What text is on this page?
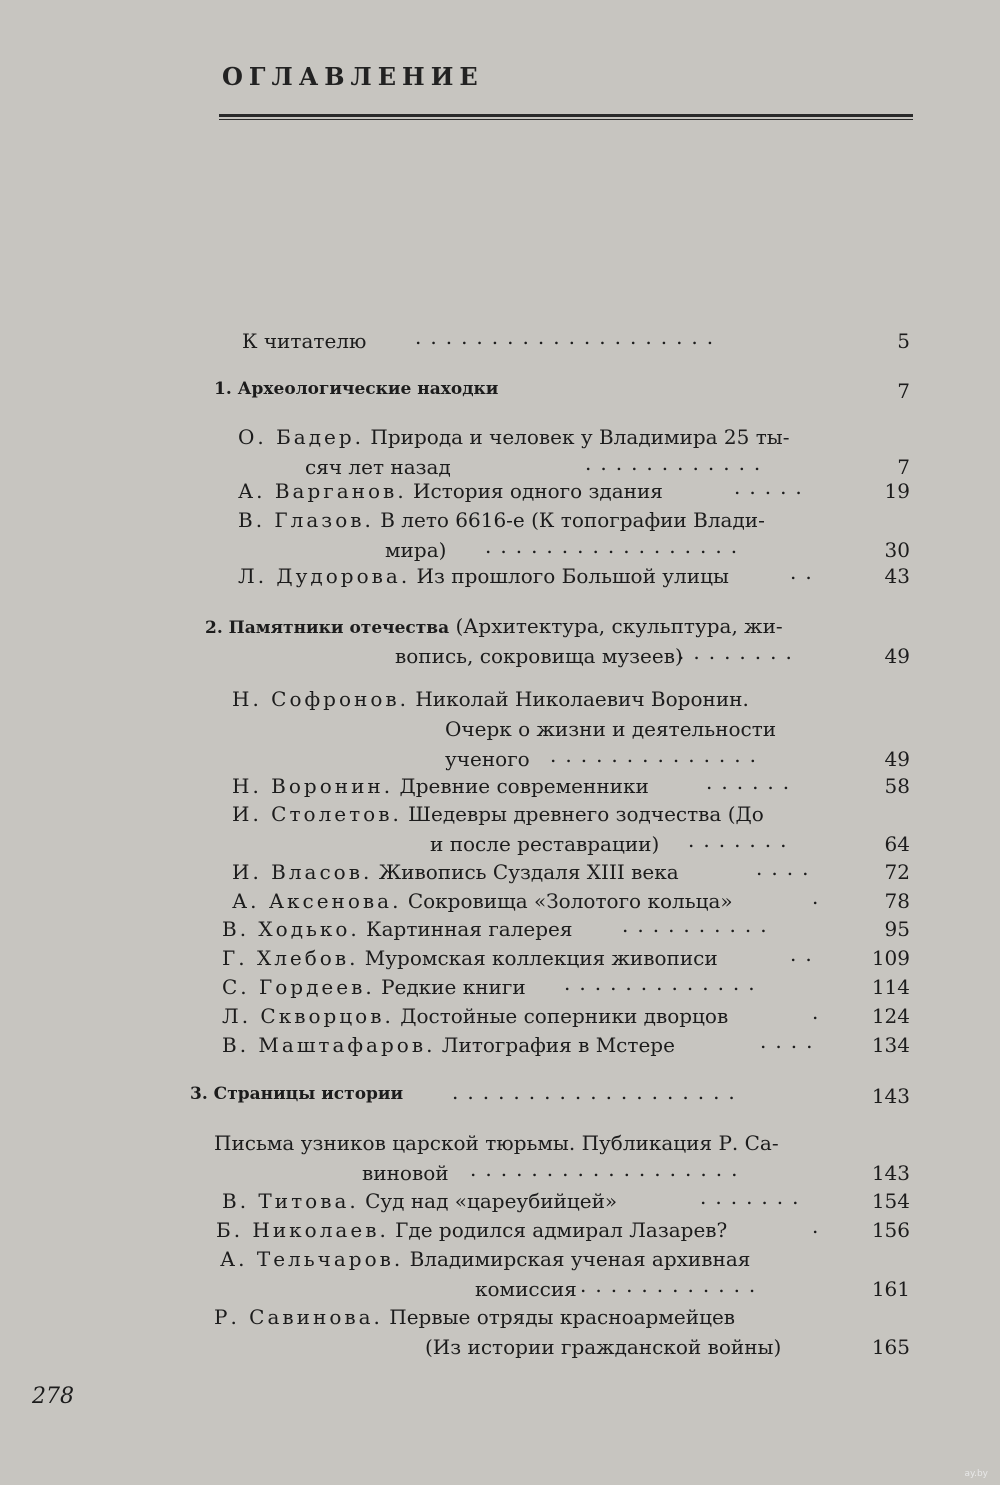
ОГЛАВЛЕНИЕ
К читателю ....................	5
1. Археологические находки	7
О. Бадер. Природа и человек у Владимира 25 ты-
сяч лет назад	............	7
А. Варганов. История одного здания	.....	19
В. Глазов. В лето 6616-е (К топографии Влади-
мира) .................	30
Л. Дудорова. Из прошлого Большой улицы	..	43
2. Памятники отечества (Архитектура, скульптура, жи-
вопись, сокровища музеев)
........	49
Н. Софронов. Николай Николаевич Воронин.
Очерк о жизни и деятельности
ученого ..............	49
Н. Воронин. Древние современники	......	58
И. Столетов. Шедевры древнего зодчества (До
и после реставрации) .......	64
И. Власов. Живопись Суздаля XIII века	....	72
А. Аксенова. Сокровища «Золотого кольца»	.	78
В. Ходько. Картинная галерея ..........	95
Г. Хлебов. Муромская коллекция живописи	..	109
С. Гордеев. Редкие книги .............	114
Л. Скворцов. Достойные соперники дворцов	.	124
В. Маштафаров. Литография в Мстере	....	134
3. Страницы истории ...................	143
Письма узников царской тюрьмы. Публикация Р. Са-
виновой ..................	143
В. Титова. Суд над «цареубийцей»	.......	154
Б. Николаев. Где родился адмирал Лазарев?	.	156
А. Тельчаров. Владимирская ученая архивная
комиссия ............	161
Р. Савинова. Первые отряды красноармейцев
(Из истории гражданской войны)	165
278
ay.by
